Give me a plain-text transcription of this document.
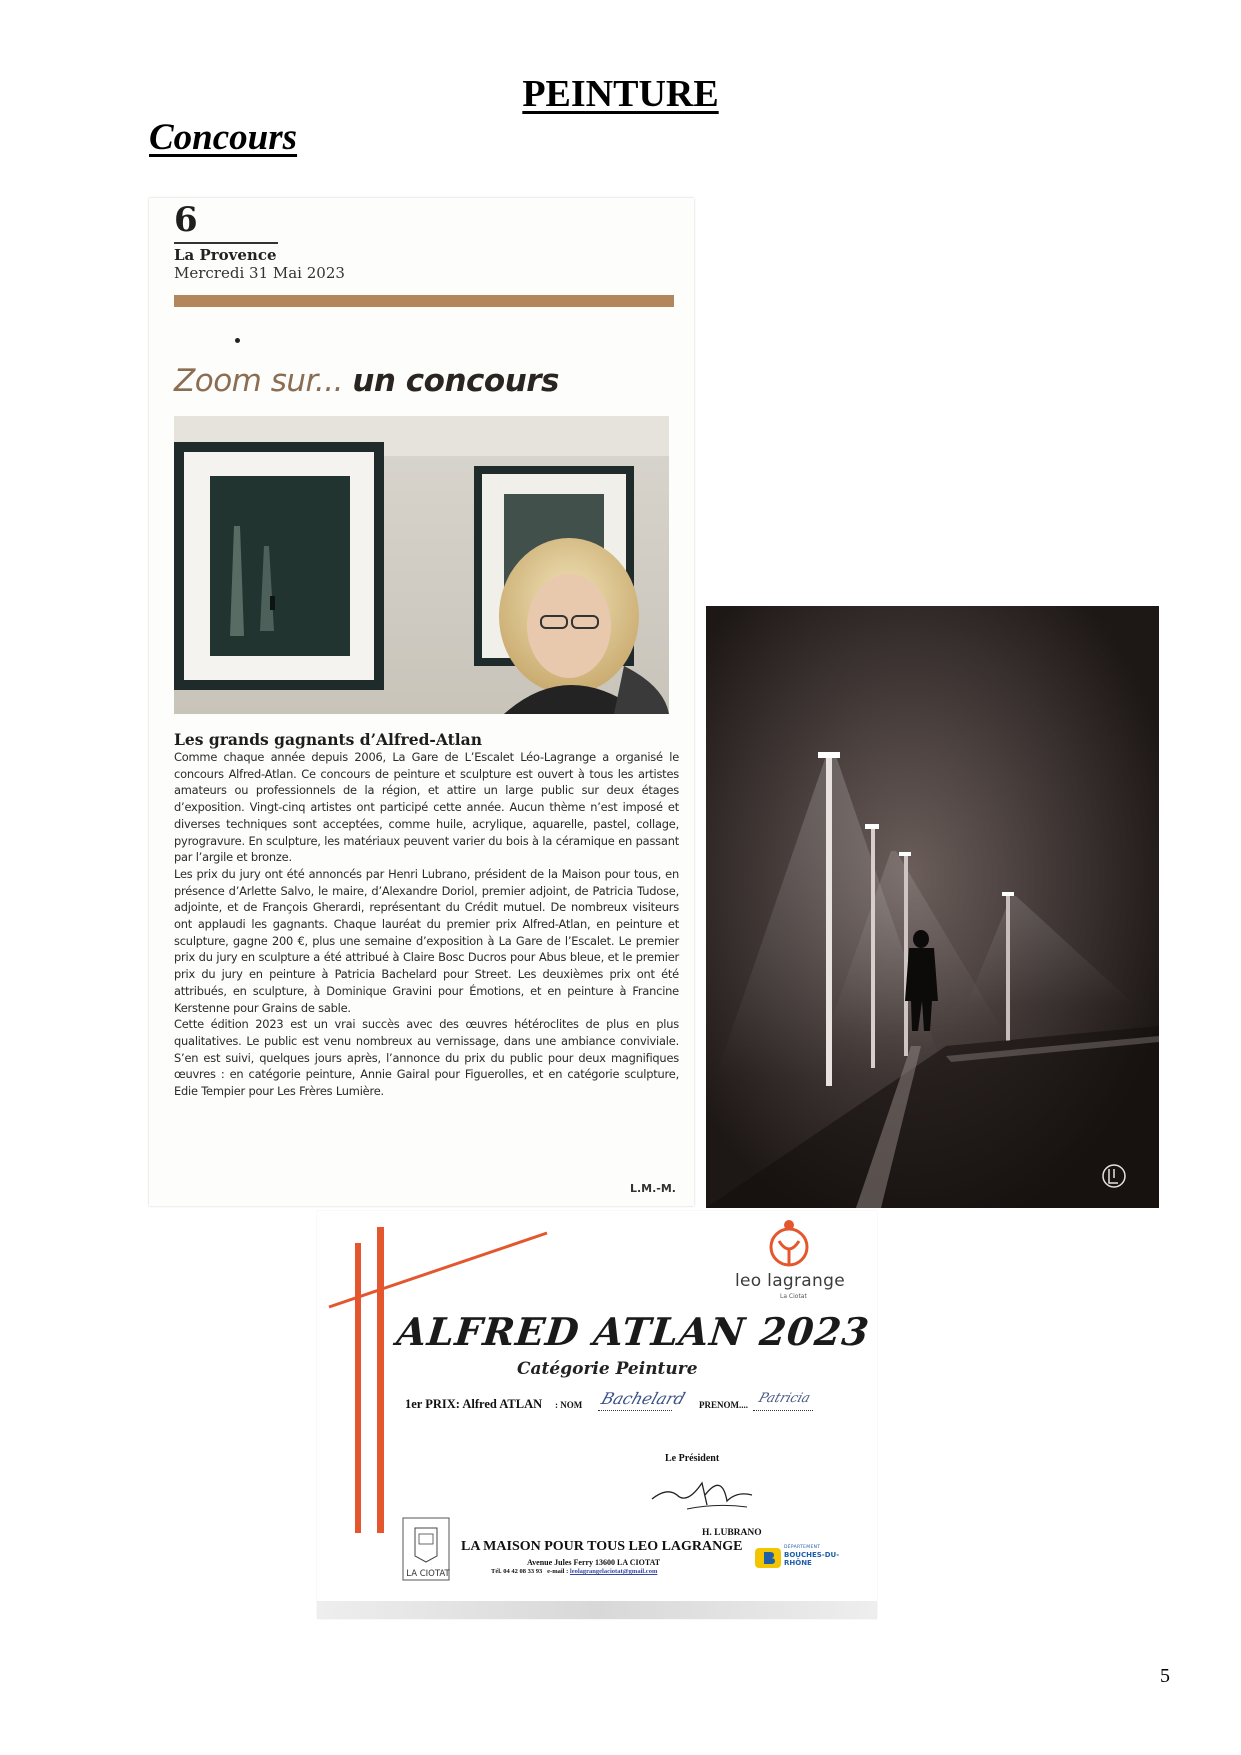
PEINTURE
Concours
6
La Provence
Mercredi 31 Mai 2023
Zoom sur... un concours
Les grands gagnants d’Alfred-Atlan

Comme chaque année depuis 2006, La Gare de L’Escalet Léo-Lagrange a organisé le concours Alfred-Atlan. Ce concours de peinture et sculpture est ouvert à tous les artistes amateurs ou professionnels de la région, et attire un large public sur deux étages d’exposition. Vingt-cinq artistes ont participé cette année. Aucun thème n’est imposé et diverses techniques sont acceptées, comme huile, acrylique, aquarelle, pastel, collage, pyrogravure. En sculpture, les matériaux peuvent varier du bois à la céramique en passant par l’argile et bronze.

Les prix du jury ont été annoncés par Henri Lubrano, président de la Maison pour tous, en présence d’Arlette Salvo, le maire, d’Alexandre Doriol, premier adjoint, de Patricia Tudose, adjointe, et de François Gherardi, représentant du Crédit mutuel. De nombreux visiteurs ont applaudi les gagnants. Chaque lauréat du premier prix Alfred-Atlan, en peinture et sculpture, gagne 200 €, plus une semaine d’exposition à La Gare de l’Escalet. Le premier prix du jury en sculpture a été attribué à Claire Bosc Ducros pour Abus bleue, et le premier prix du jury en peinture à Patricia Bachelard pour Street. Les deuxièmes prix ont été attribués, en sculpture, à Dominique Gravini pour Émotions, et en peinture à Francine Kerstenne pour Grains de sable.

Cette édition 2023 est un vrai succès avec des œuvres hétéroclites de plus en plus qualitatives. Le public est venu nombreux au vernissage, dans une ambiance conviviale. S’en est suivi, quelques jours après, l’annonce du prix du public pour deux magnifiques œuvres : en catégorie peinture, Annie Gairal pour Figuerolles, et en catégorie sculpture, Edie Tempier pour Les Frères Lumière.

L.M.-M.
leo lagrange
La Ciotat
ALFRED ATLAN 2023
Catégorie Peinture
1er PRIX: Alfred ATLAN : NOM Bachelard PRENOM.... Patricia
Le Président
H. LUBRANO
LA CIOTAT
LA MAISON POUR TOUS LEO LAGRANGE
Avenue Jules Ferry 13600 LA CIOTAT
Tél. 04 42 08 33 93 e-mail : leolagrangelaciotat@gmail.com
DÉPARTEMENT
BOUCHES-DU-RHÔNE
5
